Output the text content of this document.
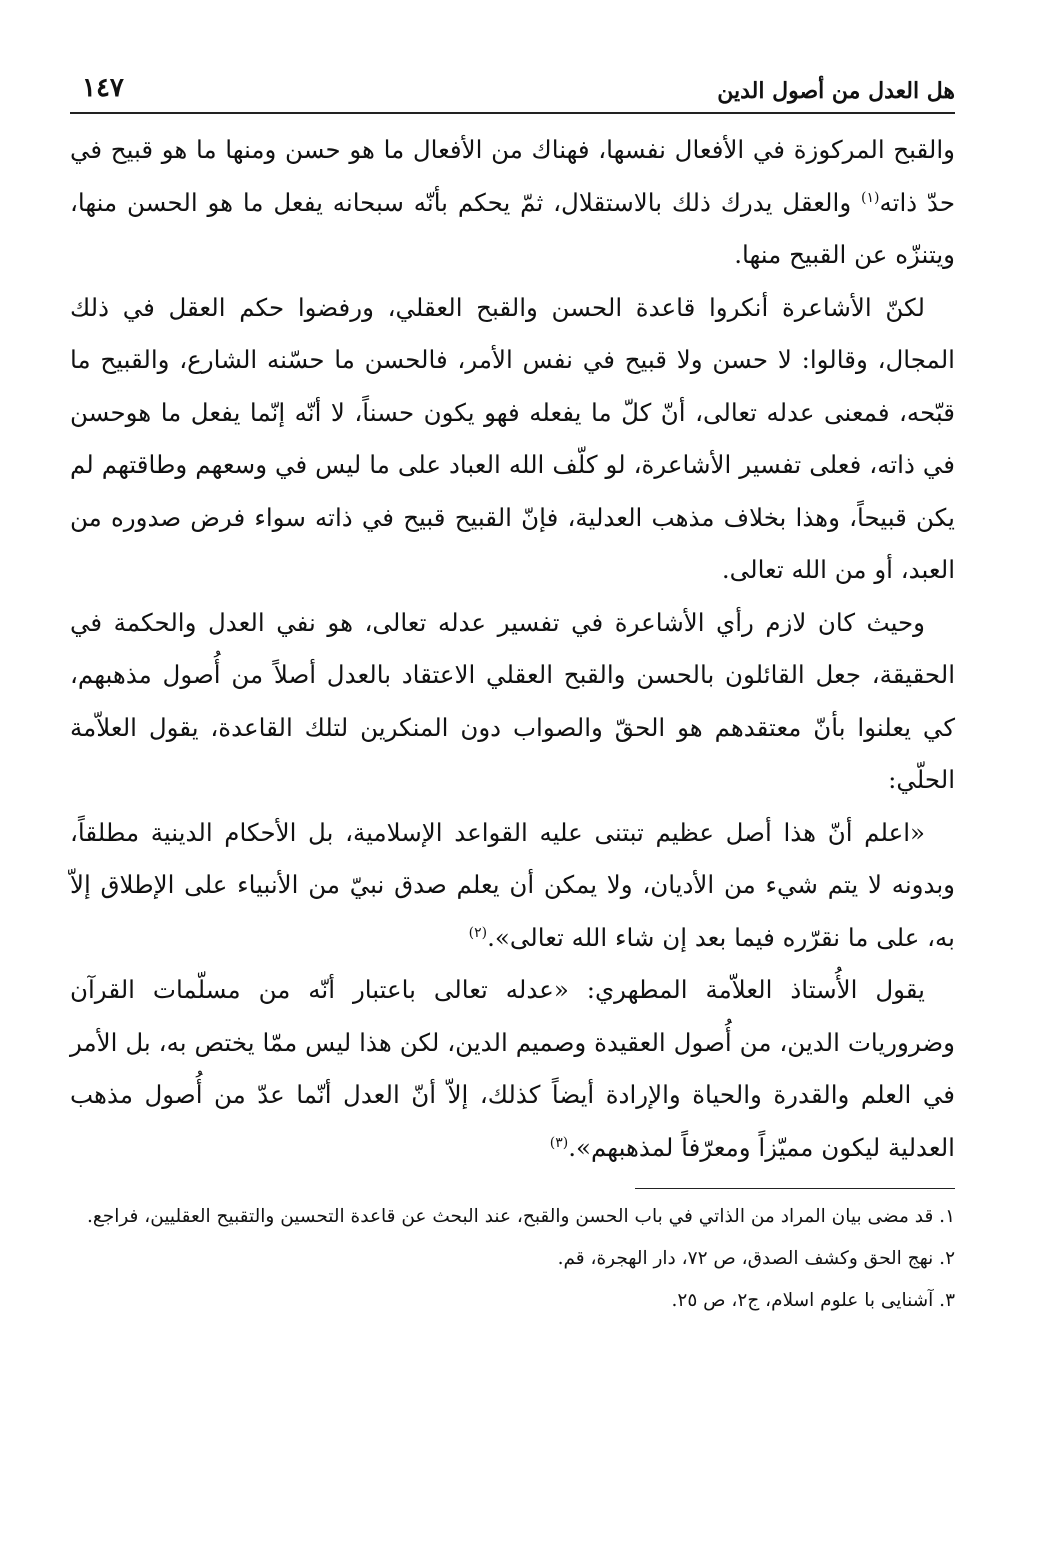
هل العدل من أصول الدين
١٤٧

والقبح المركوزة في الأفعال نفسها، فهناك من الأفعال ما هو حسن ومنها ما هو قبيح في حدّ ذاته$^{(١)}$ والعقل يدرك ذلك بالاستقلال، ثمّ يحكم بأنّه سبحانه يفعل ما هو الحسن منها، ويتنزّه عن القبيح منها.

لكنّ الأشاعرة أنكروا قاعدة الحسن والقبح العقلي، ورفضوا حكم العقل في ذلك المجال، وقالوا: لا حسن ولا قبيح في نفس الأمر، فالحسن ما حسّنه الشارع، والقبيح ما قبّحه، فمعنى عدله تعالى، أنّ كلّ ما يفعله فهو يكون حسناً، لا أنّه إنّما يفعل ما هوحسن في ذاته، فعلى تفسير الأشاعرة، لو كلّف الله العباد على ما ليس في وسعهم وطاقتهم لم يكن قبيحاً، وهذا بخلاف مذهب العدلية، فإنّ القبيح قبيح في ذاته سواء فرض صدوره من العبد، أو من الله تعالى.

وحيث كان لازم رأي الأشاعرة في تفسير عدله تعالى، هو نفي العدل والحكمة في الحقيقة، جعل القائلون بالحسن والقبح العقلي الاعتقاد بالعدل أصلاً من أُصول مذهبهم، كي يعلنوا بأنّ معتقدهم هو الحقّ والصواب دون المنكرين لتلك القاعدة، يقول العلاّمة الحلّي:

«اعلم أنّ هذا أصل عظيم تبتنى عليه القواعد الإسلامية، بل الأحكام الدينية مطلقاً، وبدونه لا يتم شيء من الأديان، ولا يمكن أن يعلم صدق نبيّ من الأنبياء على الإطلاق إلاّ به، على ما نقرّره فيما بعد إن شاء الله تعالى».$^{(٢)}$

يقول الأُستاذ العلاّمة المطهري: «عدله تعالى باعتبار أنّه من مسلّمات القرآن وضروريات الدين، من أُصول العقيدة وصميم الدين، لكن هذا ليس ممّا يختص به، بل الأمر في العلم والقدرة والحياة والإرادة أيضاً كذلك، إلاّ أنّ العدل أنّما عدّ من أُصول مذهب العدلية ليكون مميّزاً ومعرّفاً لمذهبهم».$^{(٣)}$

١. قد مضى بيان المراد من الذاتي في باب الحسن والقبح، عند البحث عن قاعدة التحسين والتقبيح العقليين، فراجع.

٢. نهج الحق وكشف الصدق، ص ٧٢، دار الهجرة، قم.

٣. آشنايى با علوم اسلام، ج٢، ص ٢٥.
